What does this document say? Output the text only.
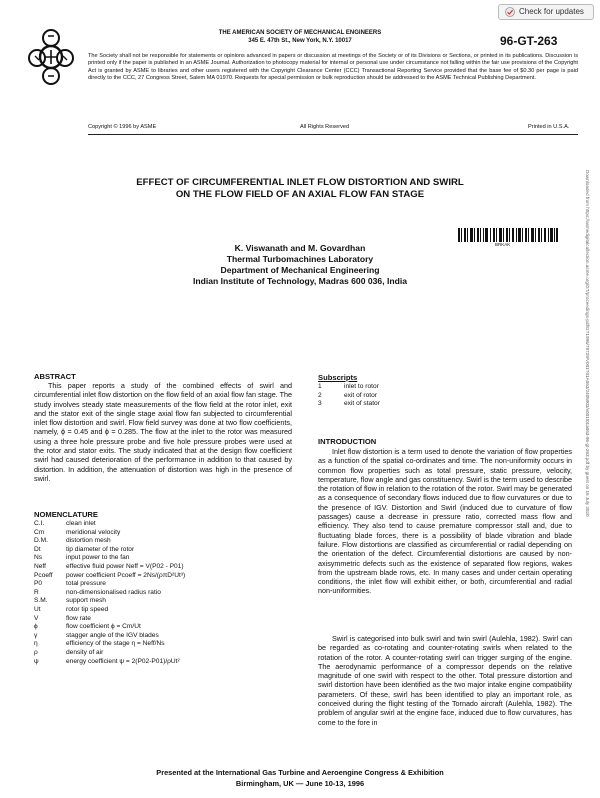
Check for updates
THE AMERICAN SOCIETY OF MECHANICAL ENGINEERS
345 E. 47th St., New York, N.Y. 10017	96-GT-263
The Society shall not be responsible for statements or opinions advanced in papers or discussion at meetings of the Society or of its Divisions or Sections, or printed in its publications. Discussion is printed only if the paper is published in an ASME Journal. Authorization to photocopy material for internal or personal use under circumstance not falling within the fair use provisions of the Copyright Act is granted by ASME to libraries and other users registered with the Copyright Clearance Center (CCC) Transactional Reporting Service provided that the base fee of $0.30 per page is paid directly to the CCC, 27 Congress Street, Salem MA 01970. Requests for special permission or bulk reproduction should be addressed to the ASME Technical Publishing Department.
Copyright © 1996 by ASME	All Rights Reserved	Printed in U.S.A.
EFFECT OF CIRCUMFERENTIAL INLET FLOW DISTORTION AND SWIRL
ON THE FLOW FIELD OF AN AXIAL FLOW FAN STAGE
BRKAK
K. Viswanath and M. Govardhan
Thermal Turbomachines Laboratory
Department of Mechanical Engineering
Indian Institute of Technology, Madras 600 036, India
ABSTRACT
This paper reports a study of the combined effects of swirl and circumferential inlet flow distortion on the flow field of an axial flow fan stage. The study involves steady state measurements of the flow field at the rotor inlet, exit and the stator exit of the single stage axial flow fan subjected to circumferential inlet flow distortion and swirl. Flow field survey was done at two flow coefficients, namely, ϕ = 0.45 and ϕ = 0.285. The flow at the inlet to the rotor was measured using a three hole pressure probe and five hole pressure probes were used at the rotor and stator exits. The study indicated that at the design flow coefficient swirl had caused deterioration of the performance in addition to that caused by distortion. In addition, the attenuation of distortion was high in the presence of swirl.
NOMENCLATURE
C.I.	clean inlet
Cm	meridional velocity
D.M.	distortion mesh
Dt	tip diameter of the rotor
Ns	input power to the fan
Neff	effective fluid power Neff = V(P02 - P01)
Pcoeff	power coefficient Pcoeff = 2Ns/(ρπD²Ut³)
P0	total pressure
R	non-dimensionalised radius ratio
S.M.	support mesh
Ut	rotor tip speed
V	flow rate
ϕ	flow coefficient ϕ = Cm/Ut
γ	stagger angle of the IGV blades
η	efficiency of the stage η = Neff/Ns
ρ	density of air
ψ	energy coefficient ψ = 2(P02-P01)/ρUt²
Subscripts
1	inlet to rotor
2	exit of rotor
3	exit of stator
INTRODUCTION
Inlet flow distortion is a term used to denote the variation of flow properties as a function of the spatial co-ordinates and time. The non-uniformity occurs in common flow properties such as total pressure, static pressure, velocity, temperature, flow angle and gas constituency. Swirl is the term used to describe the rotation of flow in relation to the rotation of the rotor. Swirl may be generated as a consequence of secondary flows induced due to flow curvatures or due to the presence of IGV. Distortion and Swirl (induced due to curvature of flow passages) cause a decrease in pressure ratio, corrected mass flow and efficiency. They also tend to cause premature compressor stall and, due to fluctuating blade forces, there is a possibility of blade vibration and blade failure. Flow distortions are classified as circumferential or radial depending on the orientation of the defect. Circumferential distortions are caused by non-axisymmetric defects such as the existence of separated flow regions, wakes from the upstream blade rows, etc. In many cases and under certain operating conditions, the inlet flow will exhibit either, or both, circumferential and radial non-uniformities.
Swirl is categorised into bulk swirl and twin swirl (Aulehla, 1982). Swirl can be regarded as co-rotating and counter-rotating swirls when related to the rotation of the rotor. A counter-rotating swirl can trigger surging of the engine. The aerodynamic performance of a compressor depends on the relative magnitude of one swirl with respect to the other. Total pressure distortion and swirl distortion have been identified as the two major intake engine compatibility parameters. Of these, swirl has been identified to play an important role, as conceived during the flight testing of the Tornado aircraft (Aulehla, 1982). The problem of angular swirl at the engine face, induced due to flow curvatures, has come to the fore in
Presented at the International Gas Turbine and Aeroengine Congress & Exhibition
Birmingham, UK — June 10-13, 1996
Downloaded from https://asmedigitalcollection.asme.org/GT/proceedings-pdf/GT1996/78729/V001T01A063/2405903/v001t01a063-96-gt-263.pdf by guest on 16 July 2020
